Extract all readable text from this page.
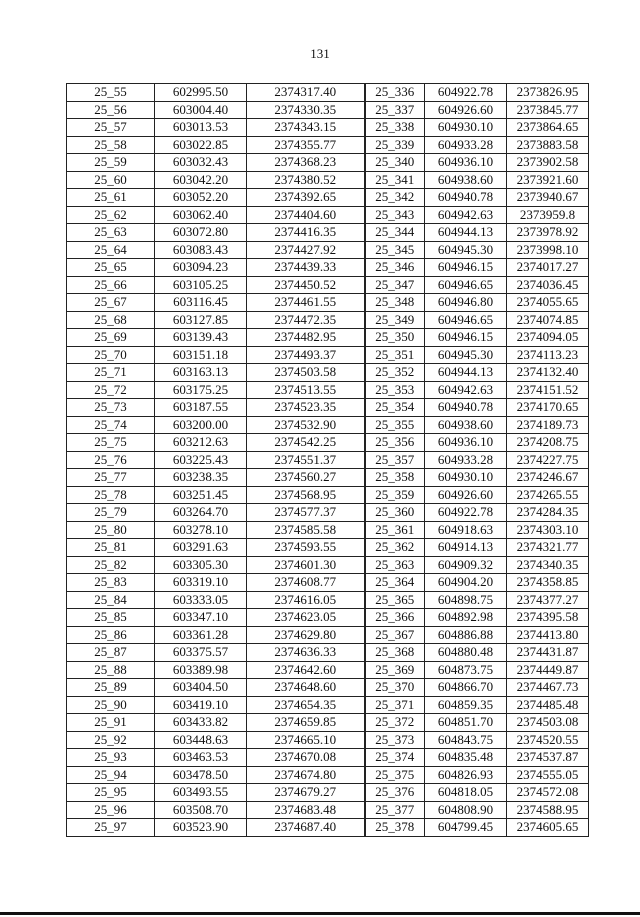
131
25_55	602995.50	2374317.40	25_336	604922.78	2373826.95
25_56	603004.40	2374330.35	25_337	604926.60	2373845.77
25_57	603013.53	2374343.15	25_338	604930.10	2373864.65
25_58	603022.85	2374355.77	25_339	604933.28	2373883.58
25_59	603032.43	2374368.23	25_340	604936.10	2373902.58
25_60	603042.20	2374380.52	25_341	604938.60	2373921.60
25_61	603052.20	2374392.65	25_342	604940.78	2373940.67
25_62	603062.40	2374404.60	25_343	604942.63	2373959.8
25_63	603072.80	2374416.35	25_344	604944.13	2373978.92
25_64	603083.43	2374427.92	25_345	604945.30	2373998.10
25_65	603094.23	2374439.33	25_346	604946.15	2374017.27
25_66	603105.25	2374450.52	25_347	604946.65	2374036.45
25_67	603116.45	2374461.55	25_348	604946.80	2374055.65
25_68	603127.85	2374472.35	25_349	604946.65	2374074.85
25_69	603139.43	2374482.95	25_350	604946.15	2374094.05
25_70	603151.18	2374493.37	25_351	604945.30	2374113.23
25_71	603163.13	2374503.58	25_352	604944.13	2374132.40
25_72	603175.25	2374513.55	25_353	604942.63	2374151.52
25_73	603187.55	2374523.35	25_354	604940.78	2374170.65
25_74	603200.00	2374532.90	25_355	604938.60	2374189.73
25_75	603212.63	2374542.25	25_356	604936.10	2374208.75
25_76	603225.43	2374551.37	25_357	604933.28	2374227.75
25_77	603238.35	2374560.27	25_358	604930.10	2374246.67
25_78	603251.45	2374568.95	25_359	604926.60	2374265.55
25_79	603264.70	2374577.37	25_360	604922.78	2374284.35
25_80	603278.10	2374585.58	25_361	604918.63	2374303.10
25_81	603291.63	2374593.55	25_362	604914.13	2374321.77
25_82	603305.30	2374601.30	25_363	604909.32	2374340.35
25_83	603319.10	2374608.77	25_364	604904.20	2374358.85
25_84	603333.05	2374616.05	25_365	604898.75	2374377.27
25_85	603347.10	2374623.05	25_366	604892.98	2374395.58
25_86	603361.28	2374629.80	25_367	604886.88	2374413.80
25_87	603375.57	2374636.33	25_368	604880.48	2374431.87
25_88	603389.98	2374642.60	25_369	604873.75	2374449.87
25_89	603404.50	2374648.60	25_370	604866.70	2374467.73
25_90	603419.10	2374654.35	25_371	604859.35	2374485.48
25_91	603433.82	2374659.85	25_372	604851.70	2374503.08
25_92	603448.63	2374665.10	25_373	604843.75	2374520.55
25_93	603463.53	2374670.08	25_374	604835.48	2374537.87
25_94	603478.50	2374674.80	25_375	604826.93	2374555.05
25_95	603493.55	2374679.27	25_376	604818.05	2374572.08
25_96	603508.70	2374683.48	25_377	604808.90	2374588.95
25_97	603523.90	2374687.40	25_378	604799.45	2374605.65
